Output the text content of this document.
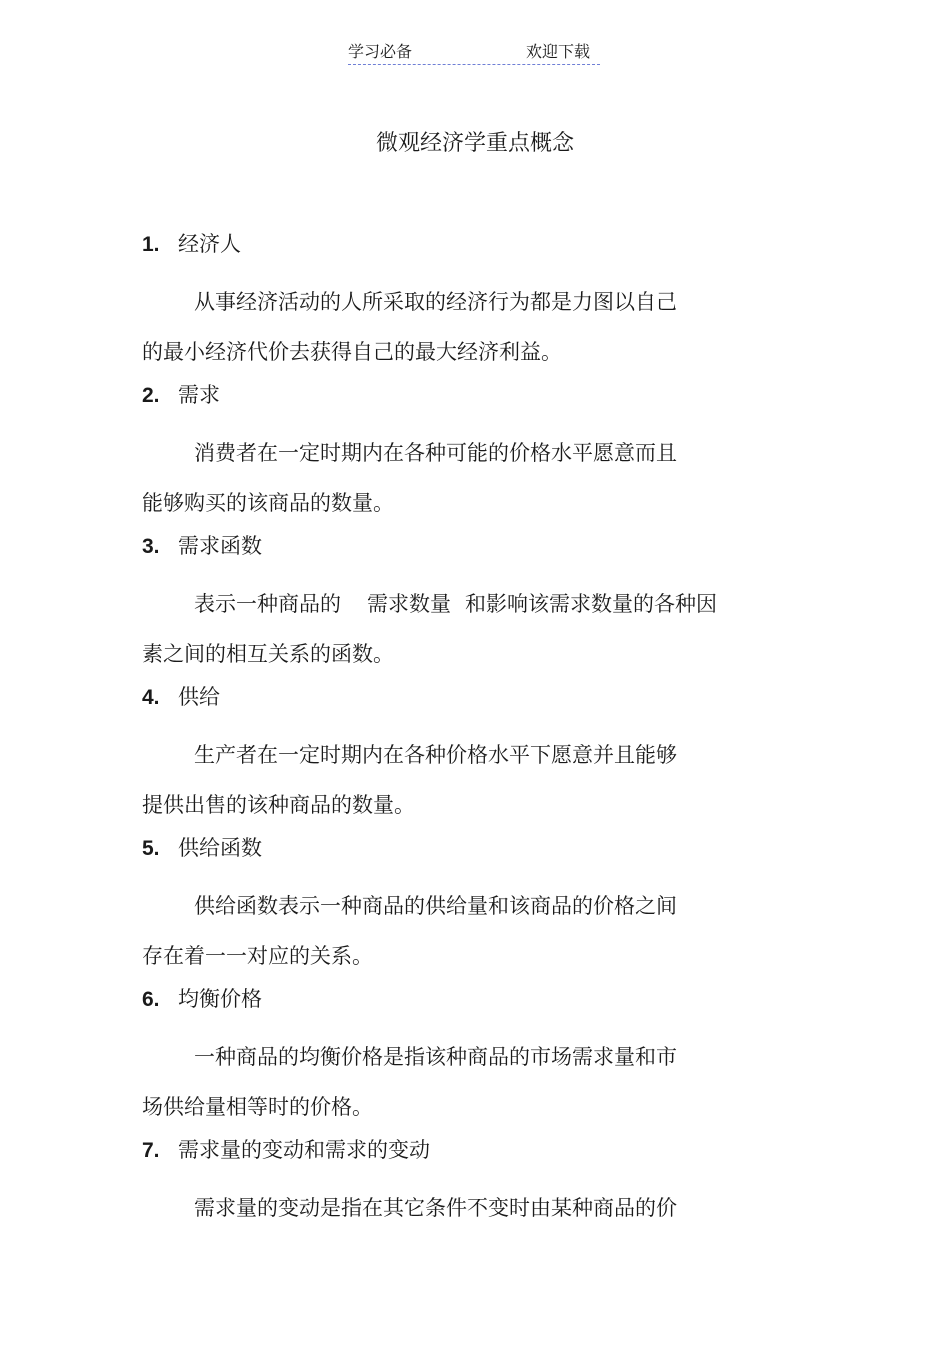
学习必备	欢迎下载
微观经济学重点概念
1. 经济人
从事经济活动的人所采取的经济行为都是力图以自己
的最小经济代价去获得自己的最大经济利益。
2. 需求
消费者在一定时期内在各种可能的价格水平愿意而且
能够购买的该商品的数量。
3. 需求函数
表示一种商品的 需求数量 和影响该需求数量的各种因
素之间的相互关系的函数。
4. 供给
生产者在一定时期内在各种价格水平下愿意并且能够
提供出售的该种商品的数量。
5. 供给函数
供给函数表示一种商品的供给量和该商品的价格之间
存在着一一对应的关系。
6. 均衡价格
一种商品的均衡价格是指该种商品的市场需求量和市
场供给量相等时的价格。
7. 需求量的变动和需求的变动
需求量的变动是指在其它条件不变时由某种商品的价
